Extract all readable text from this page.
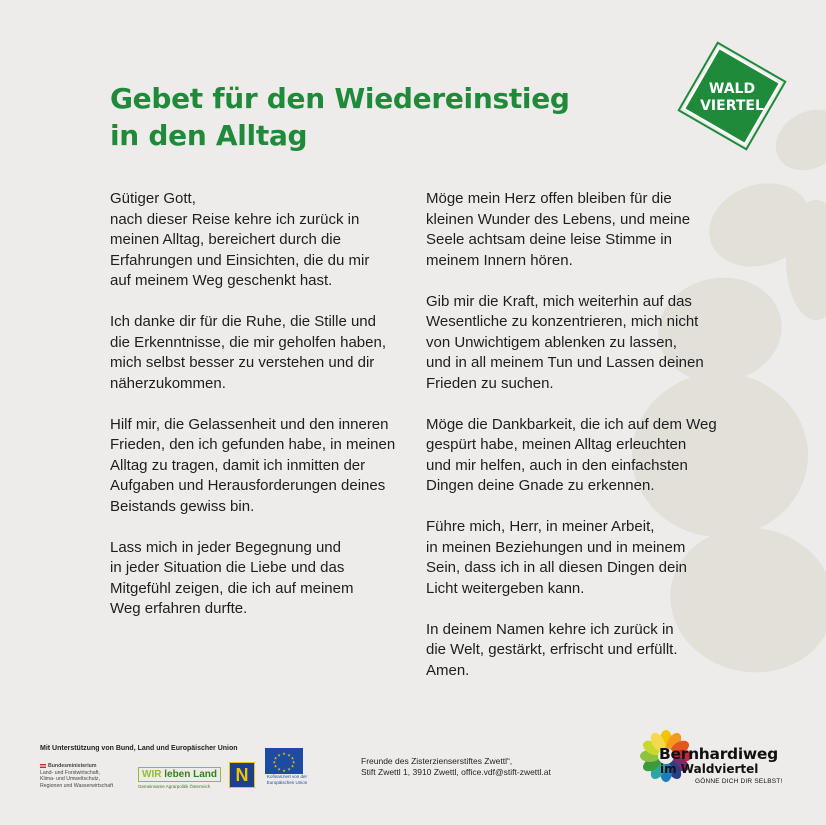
Gebet für den Wiedereinstieg
in den Alltag
WALD
VIERTEL

Gütiger Gott,
nach dieser Reise kehre ich zurück in
meinen Alltag, bereichert durch die
Erfahrungen und Einsichten, die du mir
auf meinem Weg geschenkt hast.

Ich danke dir für die Ruhe, die Stille und
die Erkenntnisse, die mir geholfen haben,
mich selbst besser zu verstehen und dir
näherzukommen.

Hilf mir, die Gelassenheit und den inneren
Frieden, den ich gefunden habe, in meinen
Alltag zu tragen, damit ich inmitten der
Aufgaben und Herausforderungen deines
Beistands gewiss bin.

Lass mich in jeder Begegnung und
in jeder Situation die Liebe und das
Mitgefühl zeigen, die ich auf meinem
Weg erfahren durfte.

Möge mein Herz offen bleiben für die
kleinen Wunder des Lebens, und meine
Seele achtsam deine leise Stimme in
meinem Innern hören.

Gib mir die Kraft, mich weiterhin auf das
Wesentliche zu konzentrieren, mich nicht
von Unwichtigem ablenken zu lassen,
und in all meinem Tun und Lassen deinen
Frieden zu suchen.

Möge die Dankbarkeit, die ich auf dem Weg
gespürt habe, meinen Alltag erleuchten
und mir helfen, auch in den einfachsten
Dingen deine Gnade zu erkennen.

Führe mich, Herr, in meiner Arbeit,
in meinen Beziehungen und in meinem
Sein, dass ich in all diesen Dingen dein
Licht weitergeben kann.

In deinem Namen kehre ich zurück in
die Welt, gestärkt, erfrischt und erfüllt.
Amen.

Mit Unterstützung von Bund, Land und Europäischer Union
Bundesministerium
Land- und Forstwirtschaft,
Klima- und Umweltschutz,
Regionen und Wasserwirtschaft
WIR leben Land
Gemeinsame Agrarpolitik Österreich
N
★ ★
★
★
★
★
★
★
★
★
★
★
Kofinanziert von der
Europäischen Union
Freunde des Zisterzienserstiftes Zwettl“,
Stift Zwettl 1, 3910 Zwettl, office.vdf@stift-zwettl.at
Bernhardiweg
im Waldviertel
GÖNNE DICH DIR SELBST!
